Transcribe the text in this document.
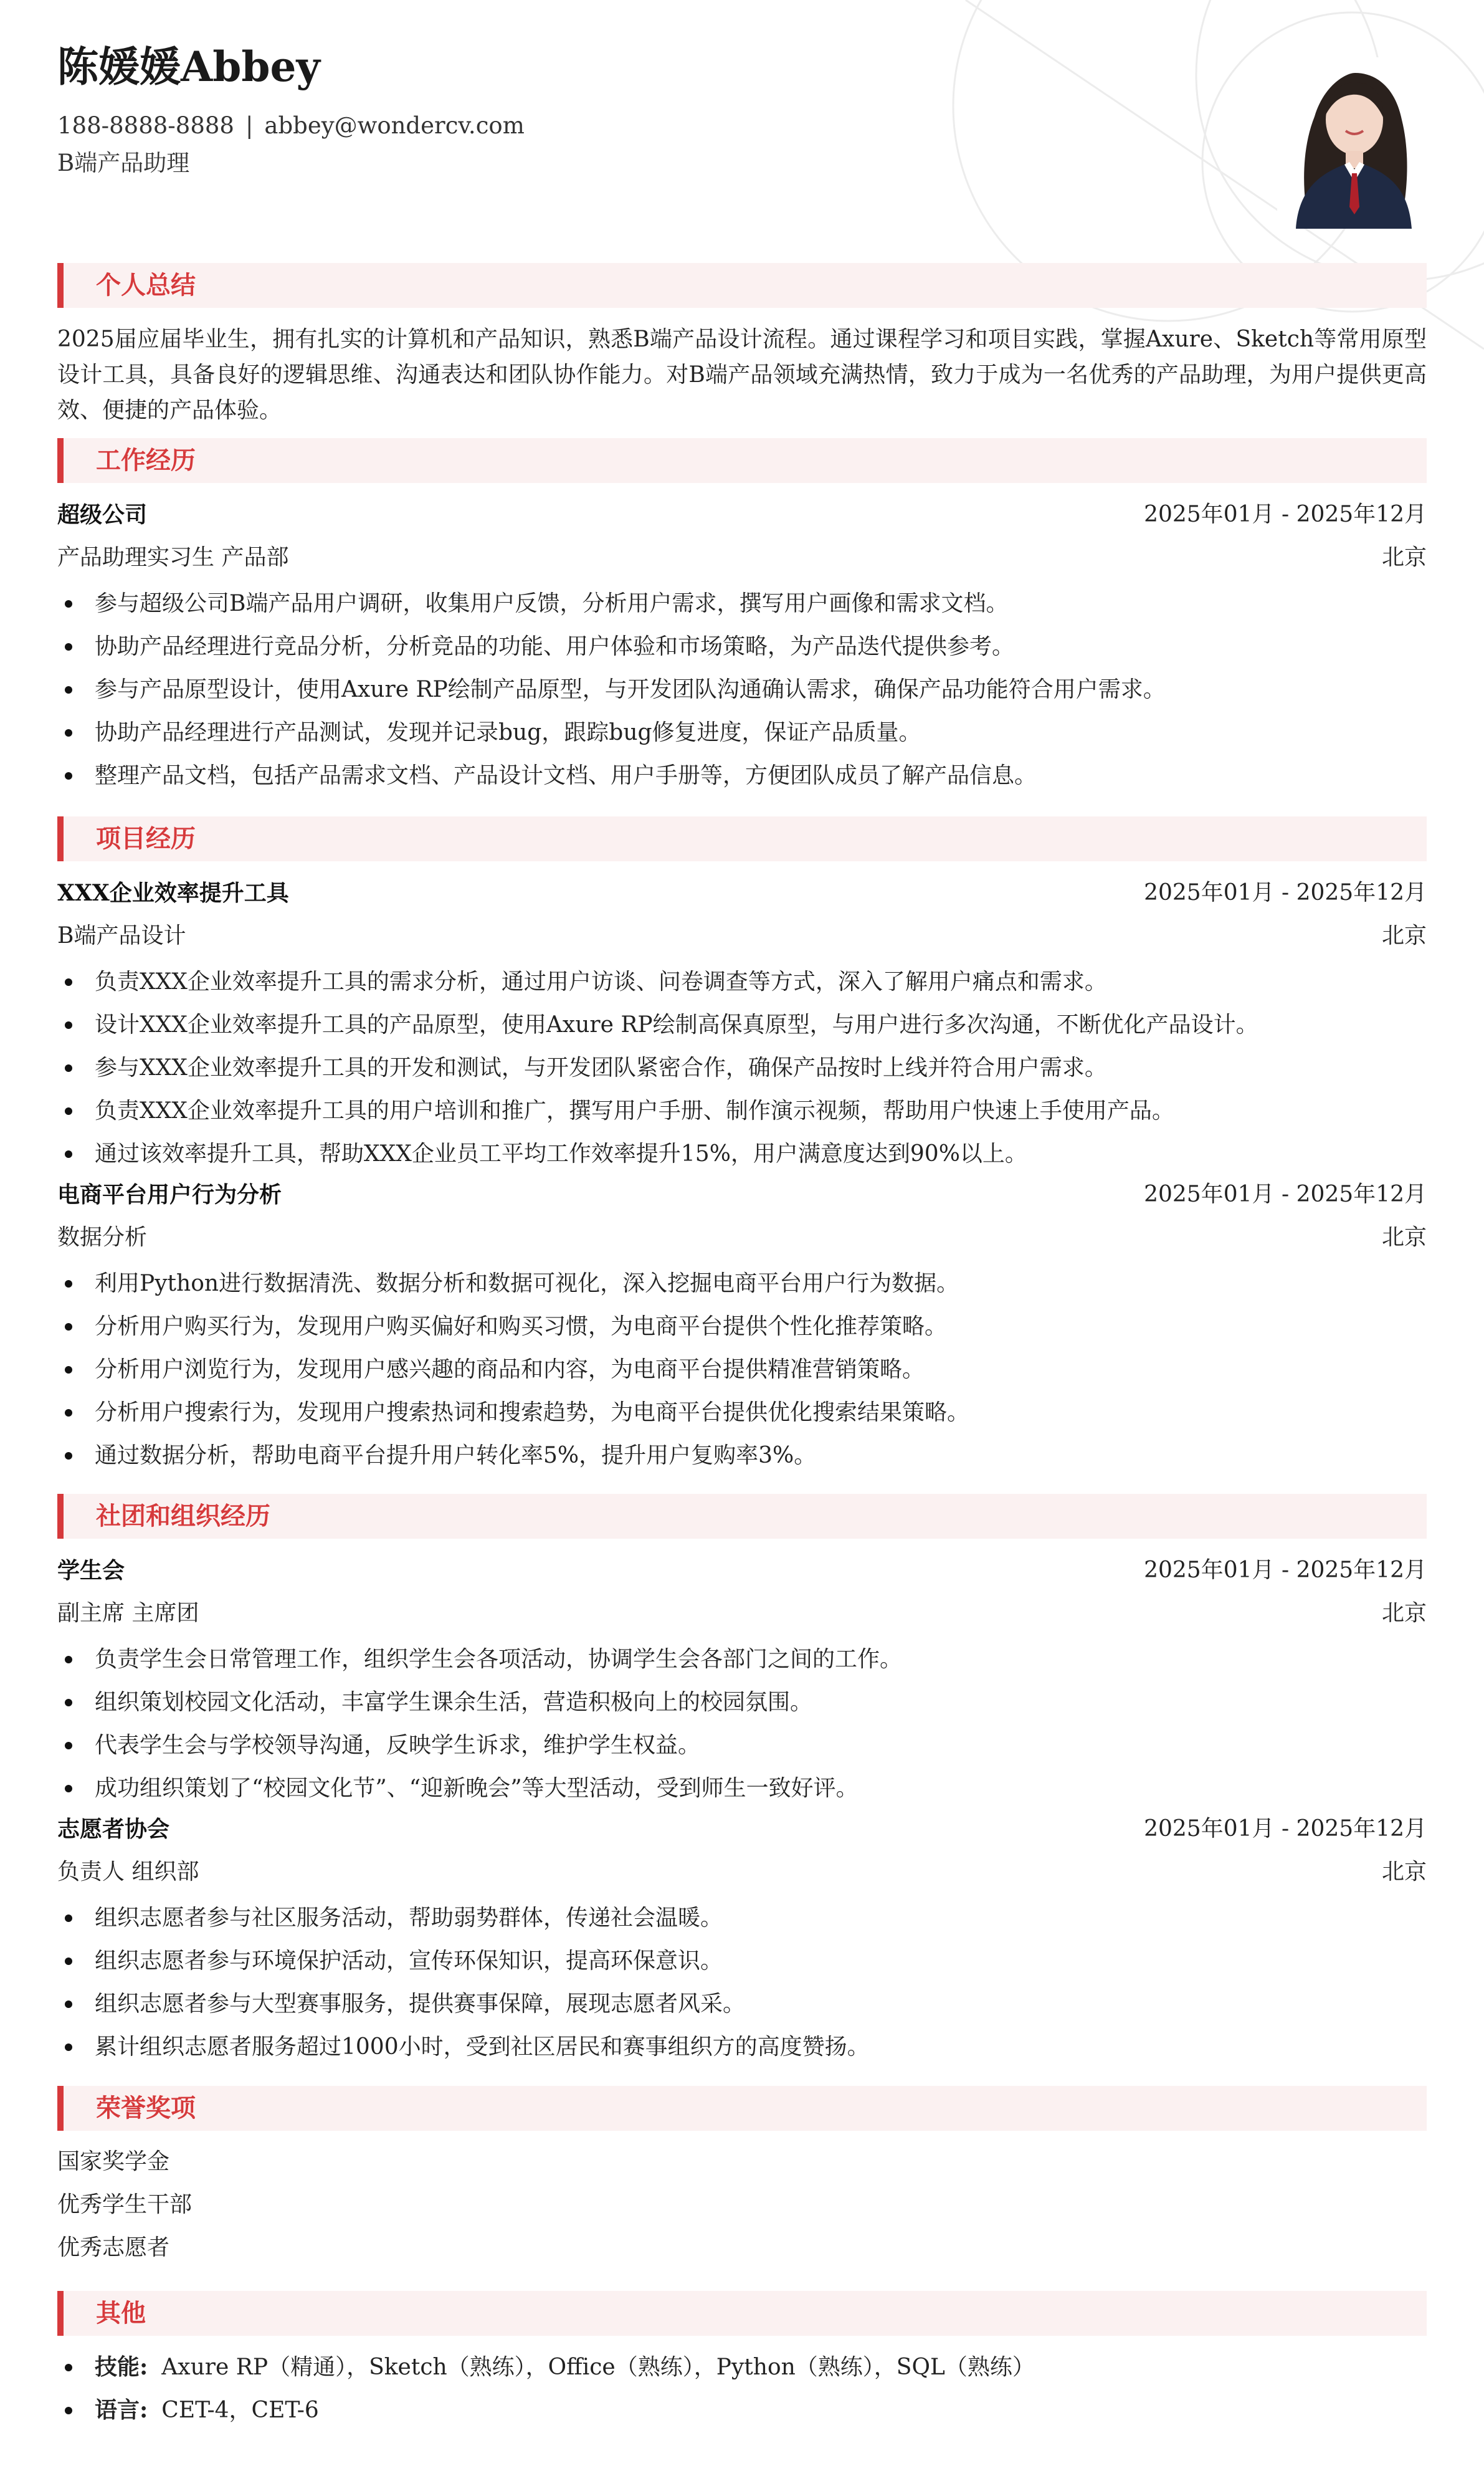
陈媛媛Abbey
188-8888-8888 | abbey@wondercv.com
B端产品助理
个人总结

2025届应届毕业生，拥有扎实的计算机和产品知识，熟悉B端产品设计流程。通过课程学习和项目实践，掌握Axure、Sketch等常用原型设计工具，具备良好的逻辑思维、沟通表达和团队协作能力。对B端产品领域充满热情，致力于成为一名优秀的产品助理，为用户提供更高效、便捷的产品体验。

工作经历
超级公司	2025年01月 - 2025年12月
产品助理实习生 产品部	北京
参与超级公司B端产品用户调研，收集用户反馈，分析用户需求，撰写用户画像和需求文档。
协助产品经理进行竞品分析，分析竞品的功能、用户体验和市场策略，为产品迭代提供参考。
参与产品原型设计，使用Axure RP绘制产品原型，与开发团队沟通确认需求，确保产品功能符合用户需求。
协助产品经理进行产品测试，发现并记录bug，跟踪bug修复进度，保证产品质量。
整理产品文档，包括产品需求文档、产品设计文档、用户手册等，方便团队成员了解产品信息。
项目经历
XXX企业效率提升工具	2025年01月 - 2025年12月
B端产品设计	北京
负责XXX企业效率提升工具的需求分析，通过用户访谈、问卷调查等方式，深入了解用户痛点和需求。
设计XXX企业效率提升工具的产品原型，使用Axure RP绘制高保真原型，与用户进行多次沟通，不断优化产品设计。
参与XXX企业效率提升工具的开发和测试，与开发团队紧密合作，确保产品按时上线并符合用户需求。
负责XXX企业效率提升工具的用户培训和推广，撰写用户手册、制作演示视频，帮助用户快速上手使用产品。
通过该效率提升工具，帮助XXX企业员工平均工作效率提升15%，用户满意度达到90%以上。
电商平台用户行为分析	2025年01月 - 2025年12月
数据分析	北京
利用Python进行数据清洗、数据分析和数据可视化，深入挖掘电商平台用户行为数据。
分析用户购买行为，发现用户购买偏好和购买习惯，为电商平台提供个性化推荐策略。
分析用户浏览行为，发现用户感兴趣的商品和内容，为电商平台提供精准营销策略。
分析用户搜索行为，发现用户搜索热词和搜索趋势，为电商平台提供优化搜索结果策略。
通过数据分析，帮助电商平台提升用户转化率5%，提升用户复购率3%。
社团和组织经历
学生会	2025年01月 - 2025年12月
副主席 主席团	北京
负责学生会日常管理工作，组织学生会各项活动，协调学生会各部门之间的工作。
组织策划校园文化活动，丰富学生课余生活，营造积极向上的校园氛围。
代表学生会与学校领导沟通，反映学生诉求，维护学生权益。
成功组织策划了“校园文化节”、“迎新晚会”等大型活动，受到师生一致好评。
志愿者协会	2025年01月 - 2025年12月
负责人 组织部	北京
组织志愿者参与社区服务活动，帮助弱势群体，传递社会温暖。
组织志愿者参与环境保护活动，宣传环保知识，提高环保意识。
组织志愿者参与大型赛事服务，提供赛事保障，展现志愿者风采。
累计组织志愿者服务超过1000小时，受到社区居民和赛事组织方的高度赞扬。
荣誉奖项
国家奖学金
优秀学生干部
优秀志愿者
其他
技能: Axure RP（精通），Sketch（熟练），Office（熟练），Python（熟练），SQL（熟练）
语言: CET-4，CET-6
